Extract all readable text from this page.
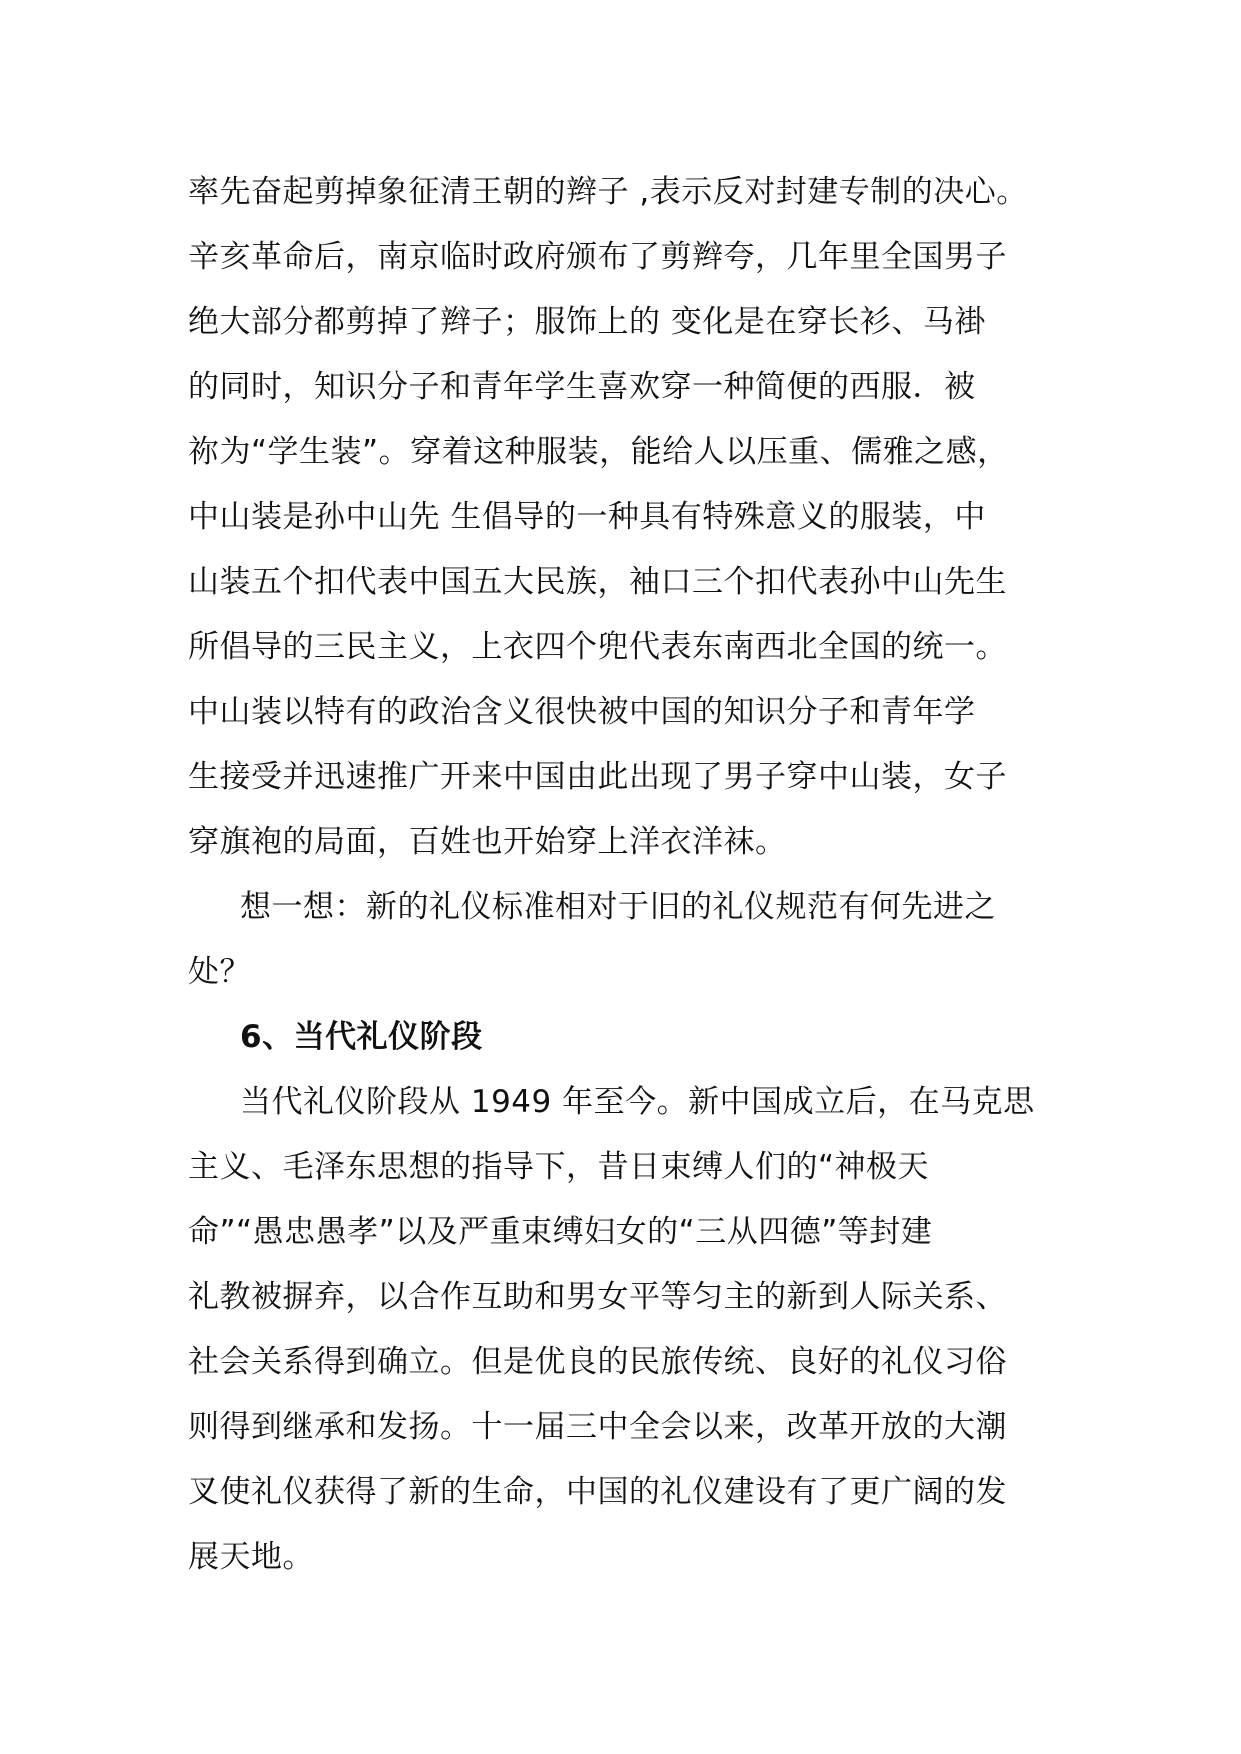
率先奋起剪掉象征清王朝的辫子 ,表示反对封建专制的决心。
辛亥革命后，南京临时政府颁布了剪辫夸，几年里全国男子
绝大部分都剪掉了辫子；服饰上的 变化是在穿长衫、马褂
的同时，知识分子和青年学生喜欢穿一种简便的西服．被
祢为“学生装”。穿着这种服装，能给人以压重、儒雅之感，
中山装是孙中山先 生倡导的一种具有特殊意义的服装，中
山装五个扣代表中国五大民族，袖口三个扣代表孙中山先生
所倡导的三民主义，上衣四个兜代表东南西北全国的统一。
中山装以特有的政治含义很快被中国的知识分子和青年学
生接受并迅速推广开来中国由此出现了男子穿中山装，女子
穿旗袍的局面，百姓也开始穿上洋衣洋袜。
想一想：新的礼仪标准相对于旧的礼仪规范有何先进之
处？
6、当代礼仪阶段
当代礼仪阶段从 1949 年至今。新中国成立后，在马克思
主义、毛泽东思想的指导下，昔日束缚人们的“神极天
命”“愚忠愚孝”以及严重束缚妇女的“三从四德”等封建
礼教被摒弃，以合作互助和男女平等匀主的新到人际关系、
社会关系得到确立。但是优良的民旅传统、良好的礼仪习俗
则得到继承和发扬。十一届三中全会以来，改革开放的大潮
叉使礼仪获得了新的生命，中国的礼仪建设有了更广阔的发
展天地。
